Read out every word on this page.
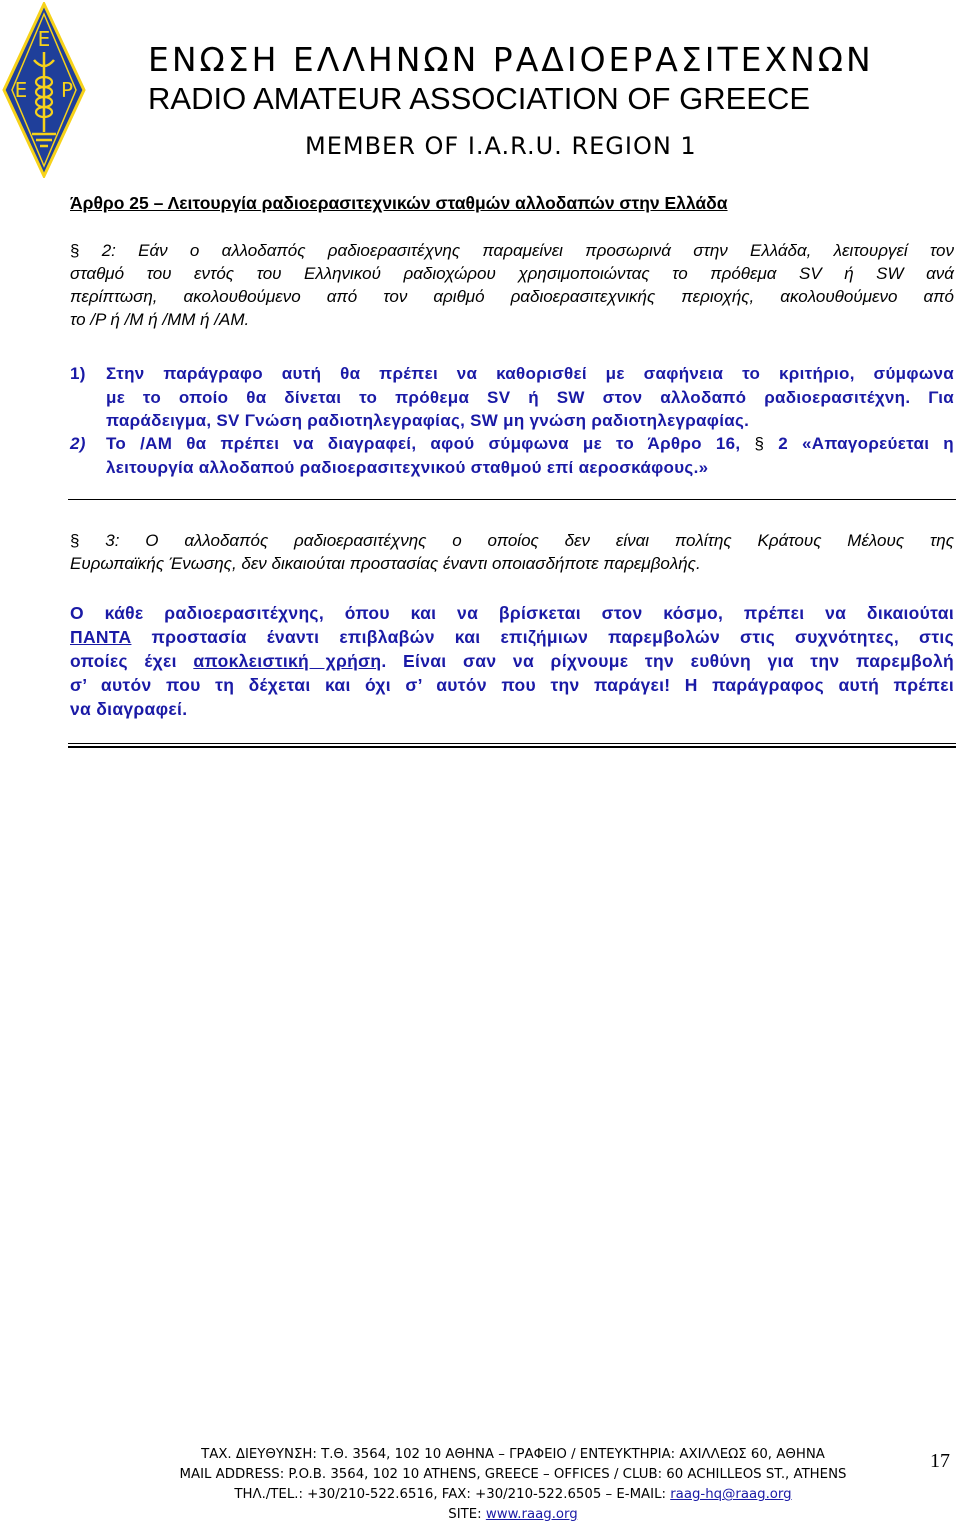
Ε
Ε Ρ
ΕΝΩΣΗ ΕΛΛΗΝΩΝ ΡΑΔΙΟΕΡΑΣΙΤΕΧΝΩΝ
RADIO AMATEUR ASSOCIATION OF GREECE
MEMBER OF I.A.R.U. REGION 1
Άρθρο 25 – Λειτουργία ραδιοερασιτεχνικών σταθμών αλλοδαπών στην Ελλάδα
§ 2: Εάν ο αλλοδαπός ραδιοερασιτέχνης παραμείνει προσωρινά στην Ελλάδα, λειτουργεί τον
σταθμό του εντός του Ελληνικού ραδιοχώρου χρησιμοποιώντας το πρόθεμα SV ή SW ανά
περίπτωση, ακολουθούμενο από τον αριθμό ραδιοερασιτεχνικής περιοχής, ακολουθούμενο από
το /P ή /M ή /MM ή /AM.
1) Στην παράγραφο αυτή θα πρέπει να καθορισθεί με σαφήνεια το κριτήριο, σύμφωνα
με το οποίο θα δίνεται το πρόθεμα SV ή SW στον αλλοδαπό ραδιοερασιτέχνη. Για
παράδειγμα, SV Γνώση ραδιοτηλεγραφίας, SW μη γνώση ραδιοτηλεγραφίας.
2) Το /AM θα πρέπει να διαγραφεί, αφού σύμφωνα με το Άρθρο 16, § 2 «Απαγορεύεται η
λειτουργία αλλοδαπού ραδιοερασιτεχνικού σταθμού επί αεροσκάφους.»
§ 3: Ο αλλοδαπός ραδιοερασιτέχνης ο οποίος δεν είναι πολίτης Κράτους Μέλους της
Ευρωπαϊκής Ένωσης, δεν δικαιούται προστασίας έναντι οποιασδήποτε παρεμβολής.
Ο κάθε ραδιοερασιτέχνης, όπου και να βρίσκεται στον κόσμο, πρέπει να δικαιούται
ΠΑΝΤΑ προστασία έναντι επιβλαβών και επιζήμιων παρεμβολών στις συχνότητες, στις
οποίες έχει αποκλειστική χρήση. Είναι σαν να ρίχνουμε την ευθύνη για την παρεμβολή
σ’ αυτόν που τη δέχεται και όχι σ’ αυτόν που την παράγει! Η παράγραφος αυτή πρέπει
να διαγραφεί.
ΤΑΧ. ΔΙΕΥΘΥΝΣΗ: Τ.Θ. 3564, 102 10 ΑΘΗΝΑ – ΓΡΑΦΕΙΟ / ΕΝΤΕΥΚΤΗΡΙΑ: ΑΧΙΛΛΕΩΣ 60, ΑΘΗΝΑ
MAIL ADDRESS: P.O.B. 3564, 102 10 ATHENS, GREECE – OFFICES / CLUB: 60 ACHILLEOS ST., ATHENS
ΤΗΛ./TEL.: +30/210-522.6516, FAX: +30/210-522.6505 – E-MAIL: raag-hq@raag.org
SITE: www.raag.org
17
